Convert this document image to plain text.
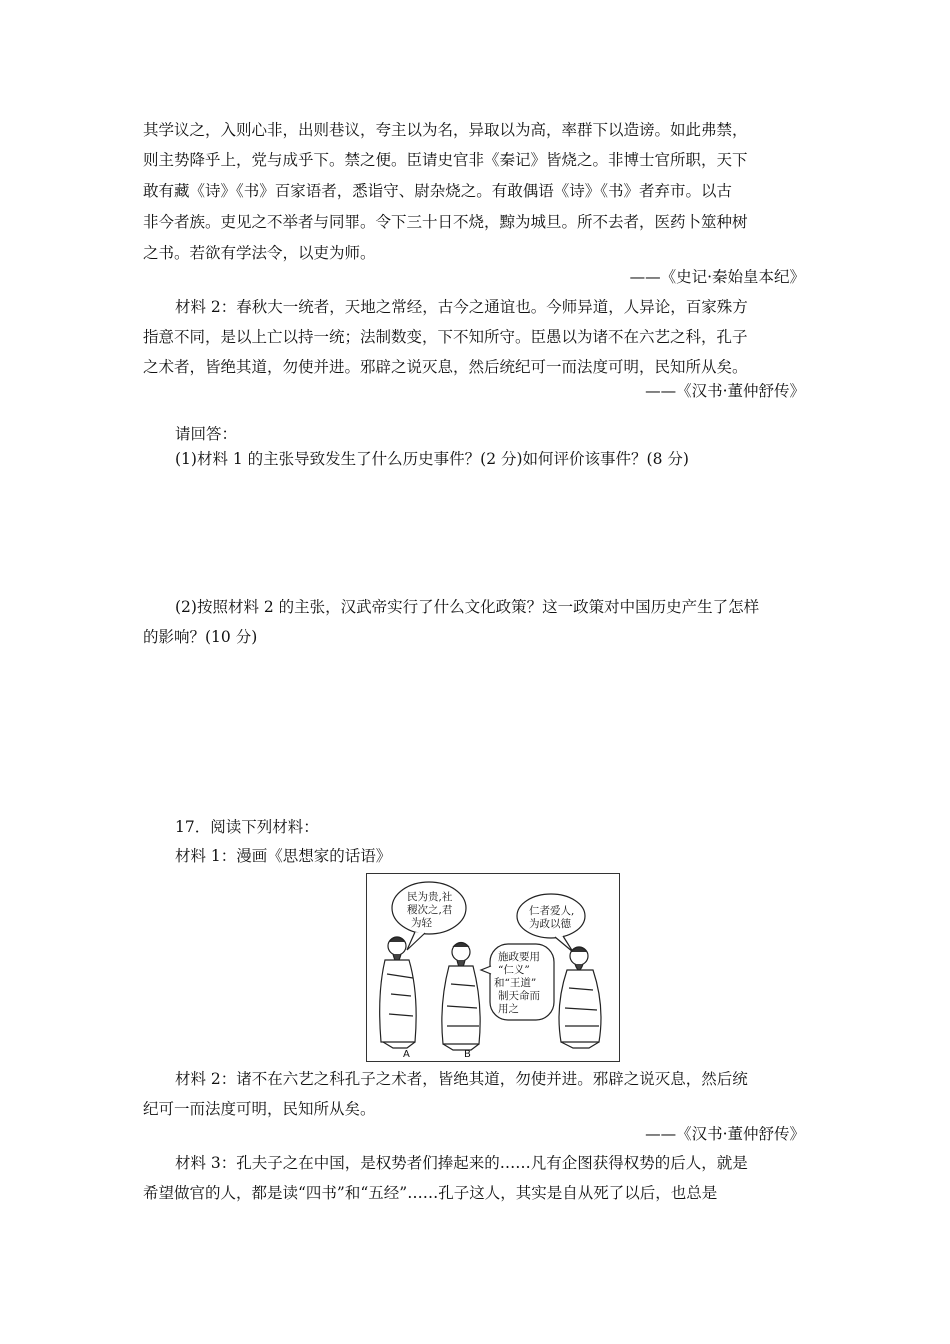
其学议之，入则心非，出则巷议，夸主以为名，异取以为高，率群下以造谤。如此弗禁，
则主势降乎上，党与成乎下。禁之便。臣请史官非《秦记》皆烧之。非博士官所职，天下
敢有藏《诗》《书》百家语者，悉诣守、尉杂烧之。有敢偶语《诗》《书》者弃市。以古
非今者族。吏见之不举者与同罪。令下三十日不烧，黥为城旦。所不去者，医药卜筮种树
之书。若欲有学法令，以吏为师。
——《史记·秦始皇本纪》
材料 2：春秋大一统者，天地之常经，古今之通谊也。今师异道，人异论，百家殊方
指意不同，是以上亡以持一统；法制数变，下不知所守。臣愚以为诸不在六艺之科，孔子
之术者，皆绝其道，勿使并进。邪辟之说灭息，然后统纪可一而法度可明，民知所从矣。
——《汉书·董仲舒传》
请回答：
(1)材料 1 的主张导致发生了什么历史事件？(2 分)如何评价该事件？(8 分)
(2)按照材料 2 的主张，汉武帝实行了什么文化政策？这一政策对中国历史产生了怎样
的影响？(10 分)
17．阅读下列材料：
材料 1：漫画《思想家的话语》
民为贵,社
稷次之,君
为轻
仁者爱人,
为政以德
施政要用
“仁义”
和“王道”
制天命而
用之
A	B
材料 2：诸不在六艺之科孔子之术者，皆绝其道，勿使并进。邪辟之说灭息，然后统
纪可一而法度可明，民知所从矣。
——《汉书·董仲舒传》
材料 3：孔夫子之在中国，是权势者们捧起来的……凡有企图获得权势的后人，就是
希望做官的人，都是读“四书”和“五经”……孔子这人，其实是自从死了以后，也总是
